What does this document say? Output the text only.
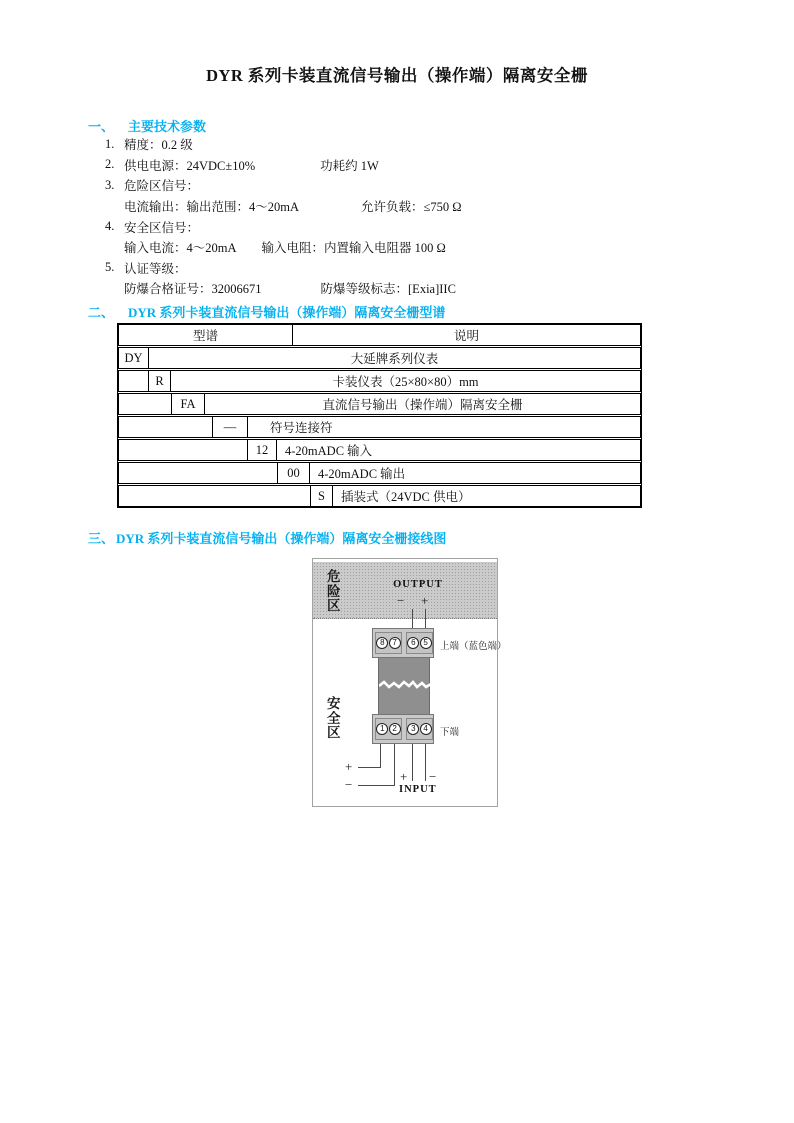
DYR 系列卡装直流信号输出（操作端）隔离安全栅
一、 主要技术参数
1. 精度：0.2 级
2. 供电电源：24VDC±10%	功耗约 1W
3. 危险区信号：
电流输出：输出范围：4～20mA	允许负载：≤750 Ω
4. 安全区信号：
输入电流：4～20mA 输入电阻：内置输入电阻器 100 Ω
5. 认证等级：
防爆合格证号：32006671	防爆等级标志：[Exia]IIC
二、 DYR 系列卡装直流信号输出（操作端）隔离安全栅型谱
型谱	说明
DY	大延牌系列仪表
R	卡装仪表（25×80×80）mm
FA	直流信号输出（操作端）隔离安全栅
—	符号连接符
12	4-20mADC 输入
00	4-20mADC 输出
S	插装式（24VDC 供电）
三、 DYR 系列卡装直流信号输出（操作端）隔离安全栅接线图
危险区
安全区
OUTPUT
− +
8 7	6 5	上端（蓝色端）
1 2	3 4	下端
+
−
+ −
INPUT
